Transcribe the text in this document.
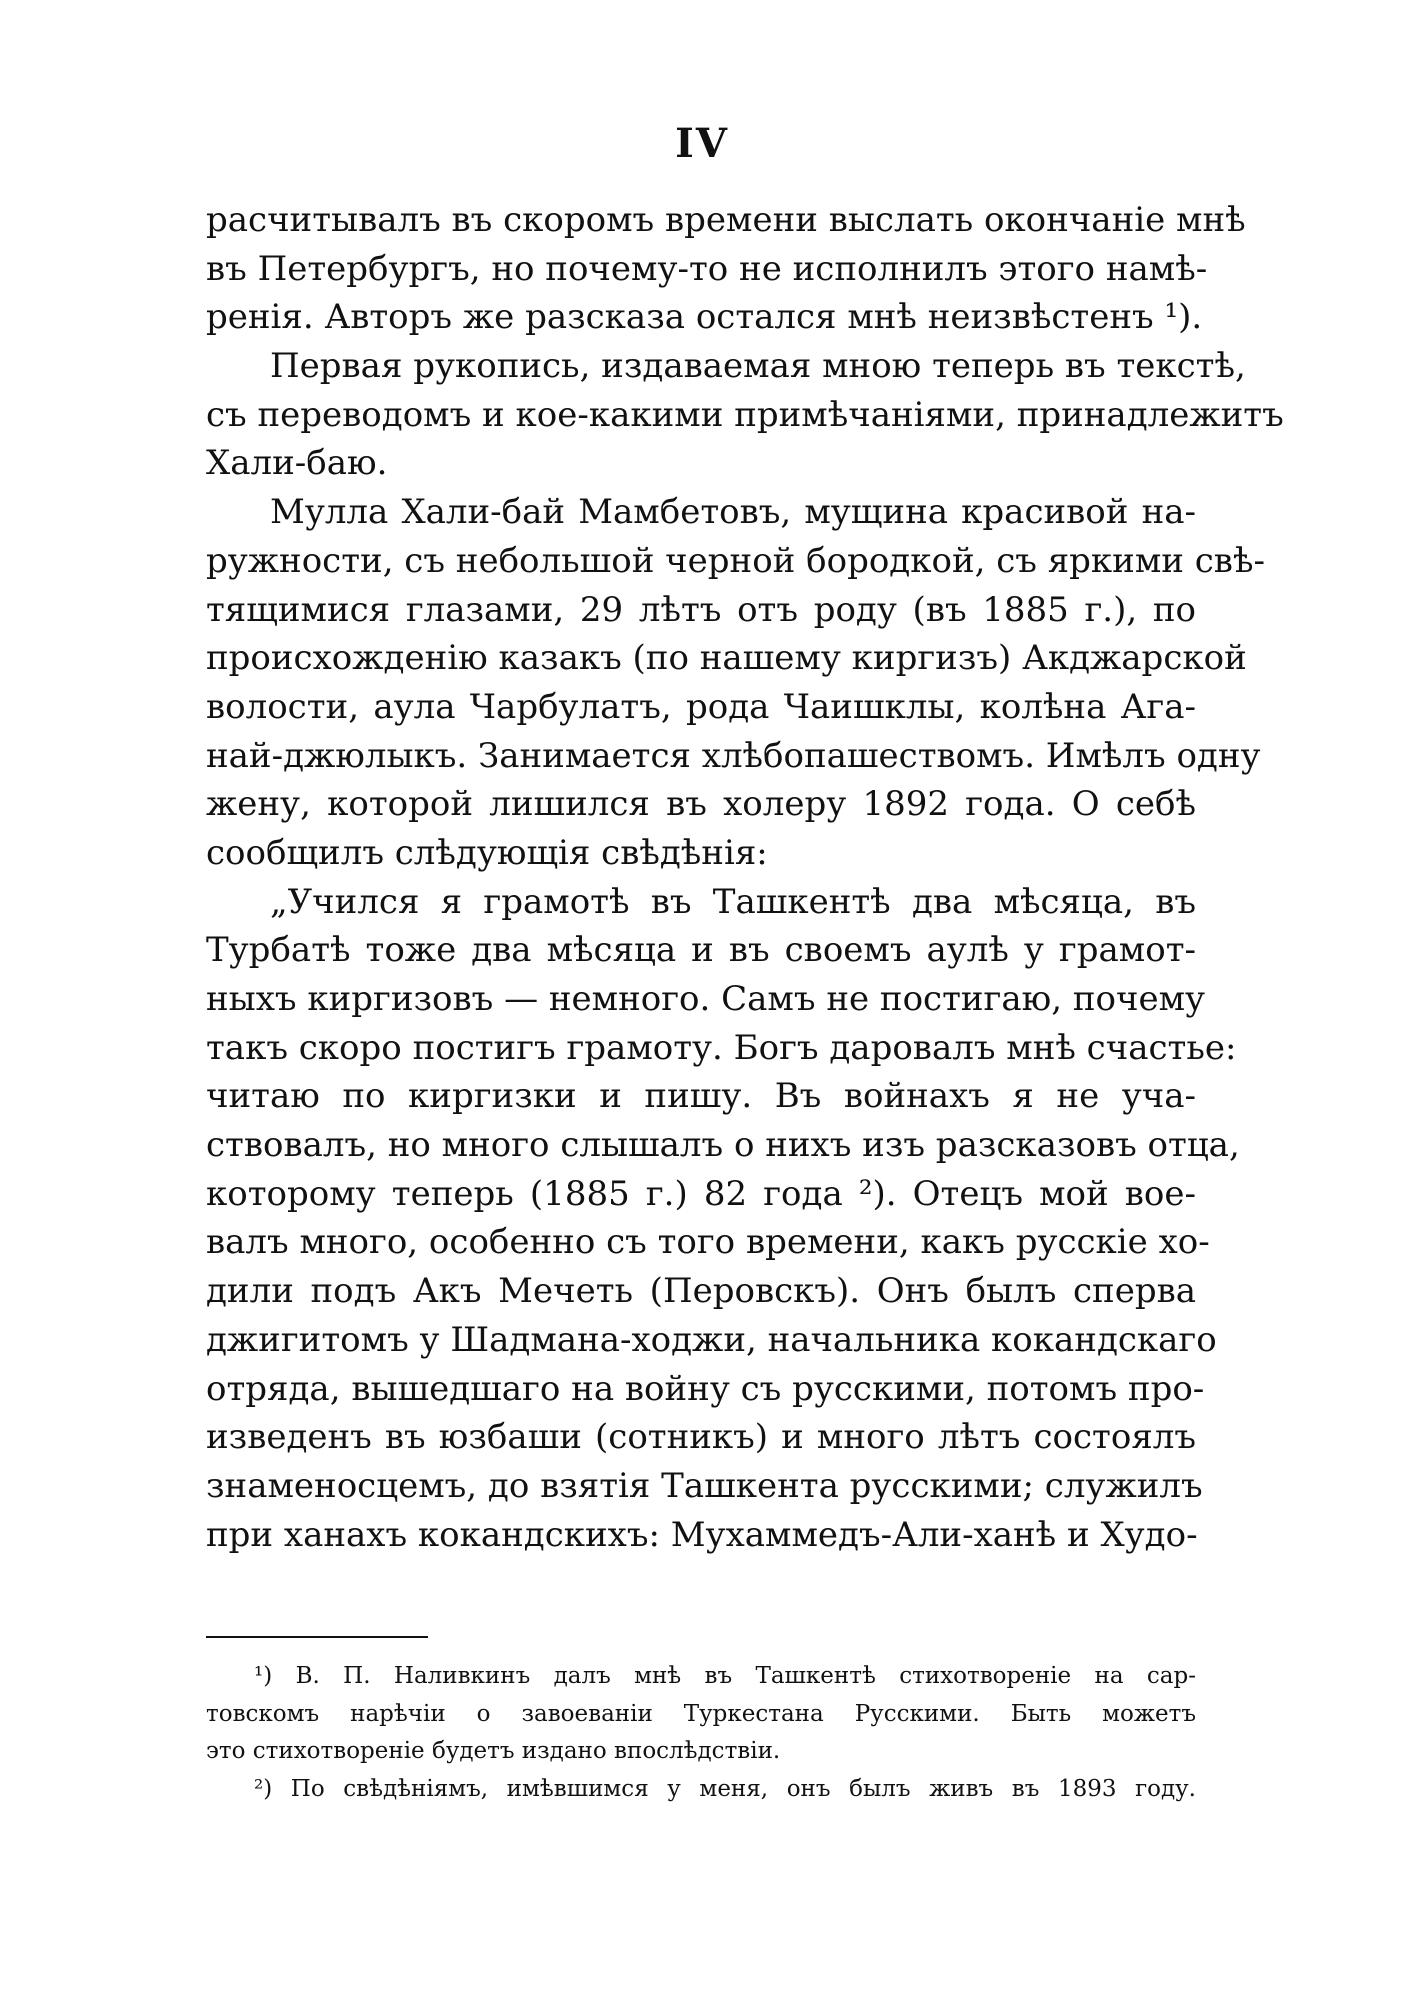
IV
расчитывалъ въ скоромъ времени выслать окончаніе мнѣ
въ Петербургъ, но почему-то не исполнилъ этого намѣ-
ренія. Авторъ же разсказа остался мнѣ неизвѣстенъ ¹).
Первая рукопись, издаваемая мною теперь въ текстѣ,
съ переводомъ и кое-какими примѣчаніями, принадлежитъ
Хали-баю.
Мулла Хали-бай Мамбетовъ, мущина красивой на-
ружности, съ небольшой черной бородкой, съ яркими свѣ-
тящимися глазами, 29 лѣтъ отъ роду (въ 1885 г.), по
происхожденію казакъ (по нашему киргизъ) Акджарской
волости, аула Чарбулатъ, рода Чаишклы, колѣна Ага-
най-джюлыкъ. Занимается хлѣбопашествомъ. Имѣлъ одну
жену, которой лишился въ холеру 1892 года. О себѣ
сообщилъ слѣдующія свѣдѣнія:
„Учился я грамотѣ въ Ташкентѣ два мѣсяца, въ
Турбатѣ тоже два мѣсяца и въ своемъ аулѣ у грамот-
ныхъ киргизовъ — немного. Самъ не постигаю, почему
такъ скоро постигъ грамоту. Богъ даровалъ мнѣ счастье:
читаю по киргизки и пишу. Въ войнахъ я не уча-
ствовалъ, но много слышалъ о нихъ изъ разсказовъ отца,
которому теперь (1885 г.) 82 года ²). Отецъ мой вое-
валъ много, особенно съ того времени, какъ русскіе хо-
дили подъ Акъ Мечеть (Перовскъ). Онъ былъ сперва
джигитомъ у Шадмана-ходжи, начальника кокандскаго
отряда, вышедшаго на войну съ русскими, потомъ про-
изведенъ въ юзбаши (сотникъ) и много лѣтъ состоялъ
знаменосцемъ, до взятія Ташкента русскими; служилъ
при ханахъ кокандскихъ: Мухаммедъ-Али-ханѣ и Худо-
¹) В. П. Наливкинъ далъ мнѣ въ Ташкентѣ стихотвореніе на сар-
товскомъ нарѣчіи о завоеваніи Туркестана Русскими. Быть можетъ
это стихотвореніе будетъ издано впослѣдствіи.
²) По свѣдѣніямъ, имѣвшимся у меня, онъ былъ живъ въ 1893 году.
